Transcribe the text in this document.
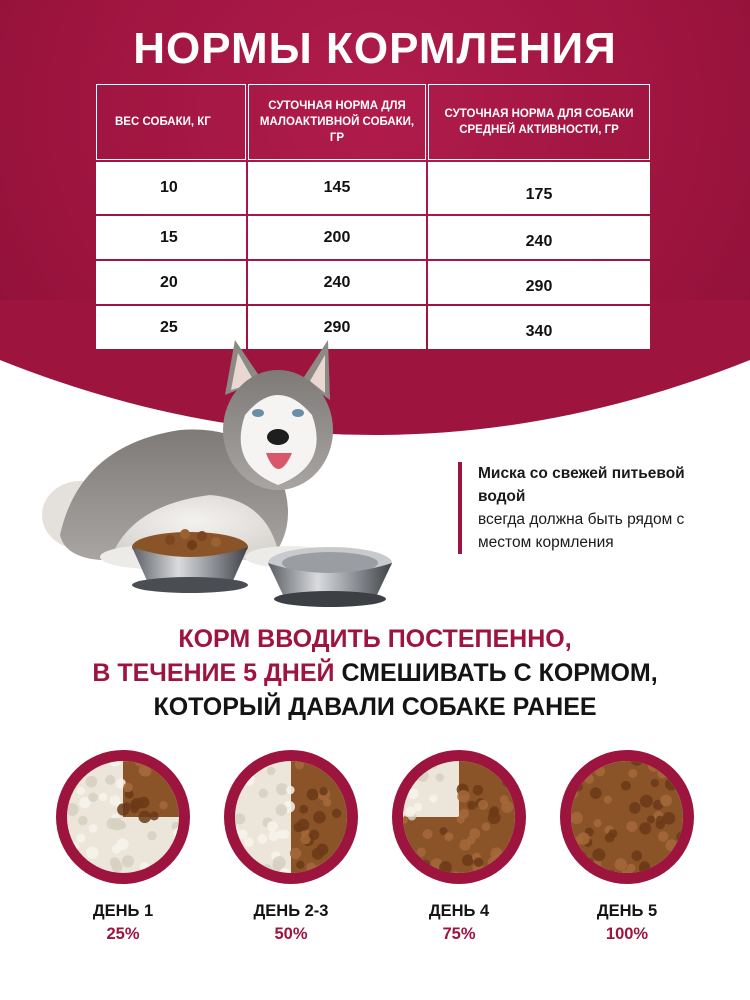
НОРМЫ КОРМЛЕНИЯ
ВЕС СОБАКИ, КГ
СУТОЧНАЯ НОРМА ДЛЯ МАЛОАКТИВНОЙ СОБАКИ, ГР
СУТОЧНАЯ НОРМА ДЛЯ СОБАКИ СРЕДНЕЙ АКТИВНОСТИ, ГР
10	145	175
15	200	240
20	240	290
25	290	340
Миска со свежей питьевой водой
всегда должна быть рядом с местом кормления
КОРМ ВВОДИТЬ ПОСТЕПЕННО,
В ТЕЧЕНИЕ 5 ДНЕЙ СМЕШИВАТЬ С КОРМОМ,
КОТОРЫЙ ДАВАЛИ СОБАКЕ РАНЕЕ
ДЕНЬ 1
25%
ДЕНЬ 2-3
50%
ДЕНЬ 4
75%
ДЕНЬ 5
100%
